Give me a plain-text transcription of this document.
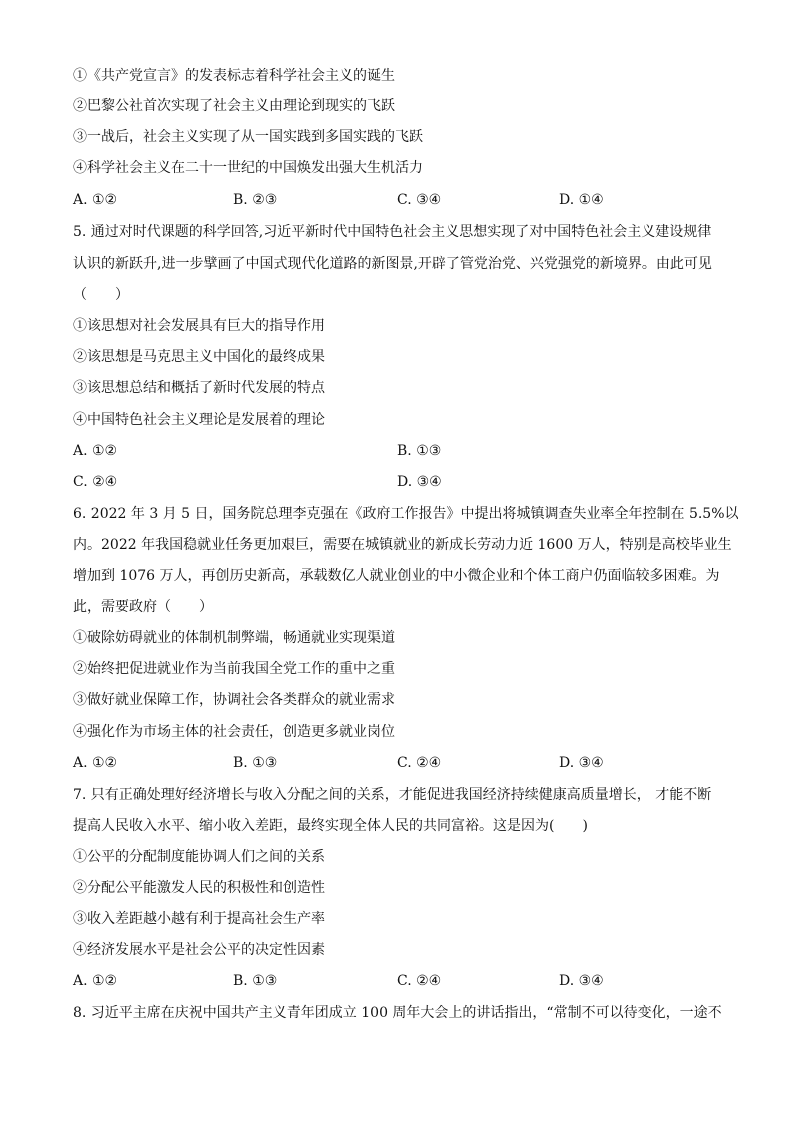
①《共产党宣言》的发表标志着科学社会主义的诞生
②巴黎公社首次实现了社会主义由理论到现实的飞跃
③一战后，社会主义实现了从一国实践到多国实践的飞跃
④科学社会主义在二十一世纪的中国焕发出强大生机活力
A. ①②	B. ②③	C. ③④	D. ①④
5. 通过对时代课题的科学回答,习近平新时代中国特色社会主义思想实现了对中国特色社会主义建设规律
认识的新跃升,进一步擘画了中国式现代化道路的新图景,开辟了管党治党、兴党强党的新境界。由此可见
（　　）
①该思想对社会发展具有巨大的指导作用
②该思想是马克思主义中国化的最终成果
③该思想总结和概括了新时代发展的特点
④中国特色社会主义理论是发展着的理论
A. ①②	B. ①③
C. ②④	D. ③④
6. 2022 年 3 月 5 日，国务院总理李克强在《政府工作报告》中提出将城镇调查失业率全年控制在 5.5%以
内。2022 年我国稳就业任务更加艰巨，需要在城镇就业的新成长劳动力近 1600 万人，特别是高校毕业生
增加到 1076 万人，再创历史新高，承载数亿人就业创业的中小微企业和个体工商户仍面临较多困难。为
此，需要政府（　　）
①破除妨碍就业的体制机制弊端，畅通就业实现渠道
②始终把促进就业作为当前我国全党工作的重中之重
③做好就业保障工作，协调社会各类群众的就业需求
④强化作为市场主体的社会责任，创造更多就业岗位
A. ①②	B. ①③	C. ②④	D. ③④
7. 只有正确处理好经济增长与收入分配之间的关系，才能促进我国经济持续健康高质量增长， 才能不断
提高人民收入水平、缩小收入差距，最终实现全体人民的共同富裕。这是因为(　　)
①公平的分配制度能协调人们之间的关系
②分配公平能激发人民的积极性和创造性
③收入差距越小越有利于提高社会生产率
④经济发展水平是社会公平的决定性因素
A. ①②	B. ①③	C. ②④	D. ③④
8. 习近平主席在庆祝中国共产主义青年团成立 100 周年大会上的讲话指出，“常制不可以待变化，一途不
